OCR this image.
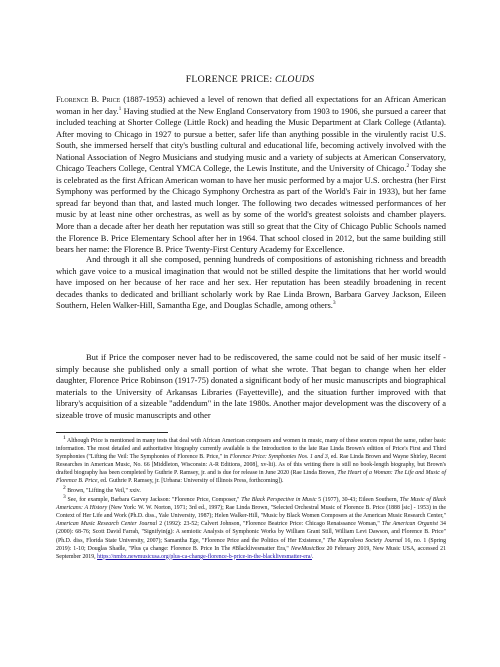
FLORENCE PRICE: CLOUDS

Florence B. Price (1887-1953) achieved a level of renown that defied all expectations for an African American woman in her day.$^1$ Having studied at the New England Conservatory from 1903 to 1906, she pursued a career that included teaching at Shorter College (Little Rock) and heading the Music Department at Clark College (Atlanta). After moving to Chicago in 1927 to pursue a better, safer life than anything possible in the virulently racist U.S. South, she immersed herself that city's bustling cultural and educational life, becoming actively involved with the National Association of Negro Musicians and studying music and a variety of subjects at American Conservatory, Chicago Teachers College, Central YMCA College, the Lewis Institute, and the University of Chicago.$^2$ Today she is celebrated as the first African American woman to have her music performed by a major U.S. orchestra (her First Symphony was performed by the Chicago Symphony Orchestra as part of the World's Fair in 1933), but her fame spread far beyond than that, and lasted much longer. The following two decades witnessed performances of her music by at least nine other orchestras, as well as by some of the world's greatest soloists and chamber players. More than a decade after her death her reputation was still so great that the City of Chicago Public Schools named the Florence B. Price Elementary School after her in 1964. That school closed in 2012, but the same building still bears her name: the Florence B. Price Twenty-First Century Academy for Excellence.

And through it all she composed, penning hundreds of compositions of astonishing richness and breadth which gave voice to a musical imagination that would not be stilled despite the limitations that her world would have imposed on her because of her race and her sex. Her reputation has been steadily broadening in recent decades thanks to dedicated and brilliant scholarly work by Rae Linda Brown, Barbara Garvey Jackson, Eileen Southern, Helen Walker-Hill, Samantha Ege, and Douglas Schadle, among others.$^3$

But if Price the composer never had to be rediscovered, the same could not be said of her music itself - simply because she published only a small portion of what she wrote. That began to change when her elder daughter, Florence Price Robinson (1917-75) donated a significant body of her music manuscripts and biographical materials to the University of Arkansas Libraries (Fayetteville), and the situation further improved with that library's acquisition of a sizeable "addendum" in the late 1980s. Another major development was the discovery of a sizeable trove of music manuscripts and other

$^1$ Although Price is mentioned in many tests that deal with African American composers and women in music, many of these sources repeat the same, rather basic information. The most detailed and authoritative biography currently available is the Introduction to the late Rae Linda Brown's edition of Price's First and Third Symphonies ("Lifting the Veil: The Symphonies of Florence B. Price," in Florence Price: Symphonies Nos. 1 and 3, ed. Rae Linda Brown and Wayne Shirley, Recent Researches in American Music, No. 66 [Middleton, Wisconsin: A-R Editions, 2008], xv-lii). As of this writing there is still no book-length biography, but Brown's drafted biography has been completed by Guthrie P. Ramsey, jr. and is due for release in June 2020 (Rae Linda Brown, The Heart of a Woman: The Life and Music of Florence B. Price, ed. Guthrie P. Ramsey, jr. [Urbana: University of Illinois Press, forthcoming]).

$^2$ Brown, "Lifting the Veil," xxiv.

$^3$ See, for example, Barbara Garvey Jackson: "Florence Price, Composer," The Black Perspective in Music 5 (1977), 30-43; Eileen Southern, The Music of Black Americans: A History (New York: W. W. Norton, 1971; 3rd ed., 1997); Rae Linda Brown, "Selected Orchestral Music of Florence B. Price (1888 [sic] - 1953) in the Context of Her Life and Work (Ph.D. diss., Yale University, 1987); Helen Walker-Hill, "Music by Black Women Composers at the American Music Research Center," American Music Research Center Journal 2 (1992): 23-52; Calvert Johnson, "Florence Beatrice Price: Chicago Renaissance Woman," The American Organist 34 (2000): 68-76; Scott David Farrah, "Signifyin(g): A semiotic Analysis of Symphonic Works by William Grant Still, William Levi Dawson, and Florence B. Price" (Ph.D. diss, Florida State University, 2007); Samantha Ege, "Florence Price and the Politics of Her Existence," The Kapralova Society Journal 16, no. 1 (Spring 2019): 1-10; Douglas Shadle, "Plus ça change: Florence B. Price In The #Blacklivesmatter Era," NewMusicBox 20 February 2019, New Music USA, accessed 21 September 2019, https://nmbx.newmusicusa.org/plus-ca-change-florence-b-price-in-the-blacklivesmatter-era/.
